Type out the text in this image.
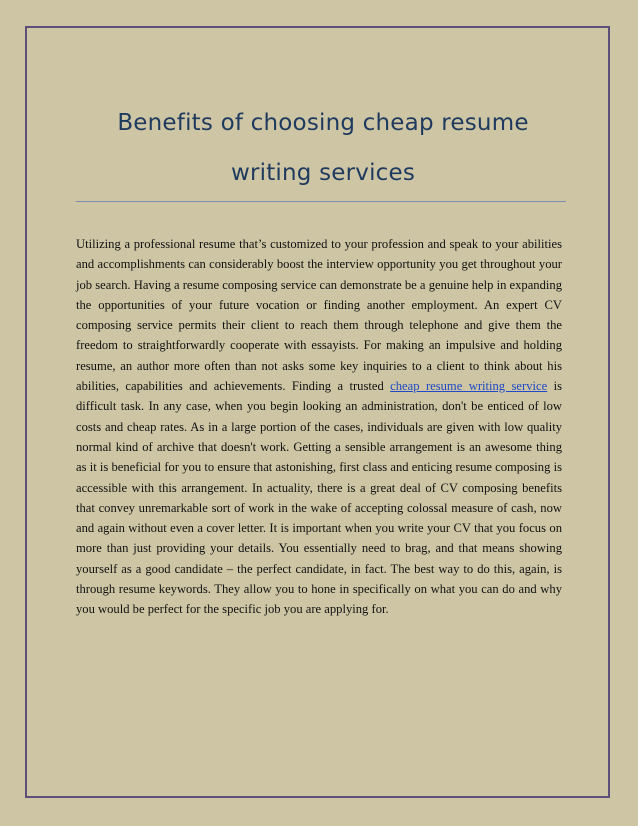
Benefits of choosing cheap resume writing services

Utilizing a professional resume that’s customized to your profession and speak to your abilities and accomplishments can considerably boost the interview opportunity you get throughout your job search. Having a resume composing service can demonstrate be a genuine help in expanding the opportunities of your future vocation or finding another employment. An expert CV composing service permits their client to reach them through telephone and give them the freedom to straightforwardly cooperate with essayists. For making an impulsive and holding resume, an author more often than not asks some key inquiries to a client to think about his abilities, capabilities and achievements. Finding a trusted cheap resume writing service is difficult task. In any case, when you begin looking an administration, don't be enticed of low costs and cheap rates. As in a large portion of the cases, individuals are given with low quality normal kind of archive that doesn't work. Getting a sensible arrangement is an awesome thing as it is beneficial for you to ensure that astonishing, first class and enticing resume composing is accessible with this arrangement. In actuality, there is a great deal of CV composing benefits that convey unremarkable sort of work in the wake of accepting colossal measure of cash, now and again without even a cover letter. It is important when you write your CV that you focus on more than just providing your details. You essentially need to brag, and that means showing yourself as a good candidate – the perfect candidate, in fact. The best way to do this, again, is through resume keywords. They allow you to hone in specifically on what you can do and why you would be perfect for the specific job you are applying for.
